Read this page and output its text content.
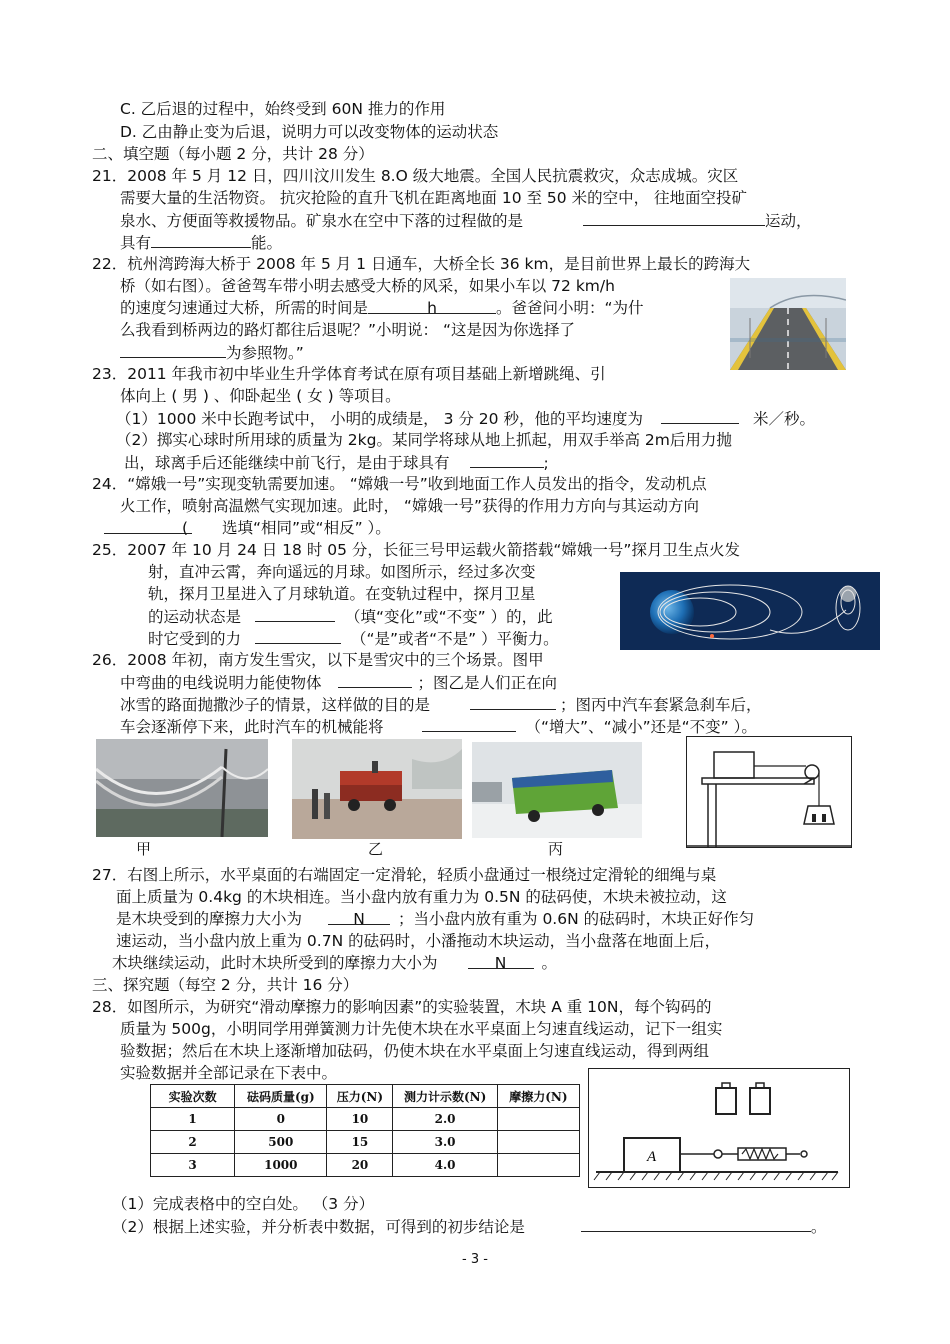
C. 乙后退的过程中，始终受到 60N 推力的作用
D. 乙由静止变为后退，说明力可以改变物体的运动状态
二、填空题（每小题 2 分，共计 28 分）
21．2008 年 5 月 12 日，四川汶川发生 8.O 级大地震。全国人民抗震救灾，众志成城。灾区
需要大量的生活物资。 抗灾抢险的直升飞机在距离地面 10 至 50 米的空中， 往地面空投矿
泉水、方便面等救援物品。矿泉水在空中下落的过程做的是	运动，
具有	能。
22．杭州湾跨海大桥于 2008 年 5 月 1 日通车，大桥全长 36 km，是目前世界上最长的跨海大
桥（如右图）。爸爸驾车带小明去感受大桥的风采，如果小车以 72 km/h
的速度匀速通过大桥，所需的时间是	h	。爸爸问小明：“为什
么我看到桥两边的路灯都往后退呢？”小明说： “这是因为你选择了
为参照物。”
23．2011 年我市初中毕业生升学体育考试在原有项目基础上新增跳绳、引
体向上 ( 男 ) 、仰卧起坐 ( 女 ) 等项目。
（1）1000 米中长跑考试中， 小明的成绩是， 3 分 20 秒，他的平均速度为	米／秒。
（2）掷实心球时所用球的质量为 2kg。某同学将球从地上抓起，用双手举高 2m后用力抛
出，球离手后还能继续中前飞行，是由于球具有	;
24．“嫦娥一号”实现变轨需要加速。 “嫦娥一号”收到地面工作人员发出的指令，发动机点
火工作，喷射高温燃气实现加速。此时， “嫦娥一号”获得的作用力方向与其运动方向
( 选填“相同”或“相反” ）。
25．2007 年 10 月 24 日 18 时 05 分，长征三号甲运载火箭搭载“嫦娥一号”探月卫生点火发
射，直冲云霄，奔向遥远的月球。如图所示，经过多次变
轨，探月卫星进入了月球轨道。在变轨过程中，探月卫星
的运动状态是	（填“变化”或“不变” ）的，此
时它受到的力	（“是”或者“不是” ）平衡力。
26．2008 年初，南方发生雪灾，以下是雪灾中的三个场景。图甲
中弯曲的电线说明力能使物体	；图乙是人们正在向
冰雪的路面抛撒沙子的情景，这样做的目的是	；图丙中汽车套紧急刹车后，
车会逐渐停下来，此时汽车的机械能将	（“增大”、“减小”还是“不变” ）。
甲	乙	丙
27．右图上所示，水平桌面的右端固定一定滑轮，轻质小盘通过一根绕过定滑轮的细绳与桌
面上质量为 0.4kg 的木块相连。当小盘内放有重力为 0.5N 的砝码使，木块未被拉动，这
是木块受到的摩擦力大小为	N ；当小盘内放有重为 0.6N 的砝码时，木块正好作匀
速运动，当小盘内放上重为 0.7N 的砝码时，小潘拖动木块运动，当小盘落在地面上后，
木块继续运动，此时木块所受到的摩擦力大小为	N 。
三、探究题（每空 2 分，共计 16 分）
28．如图所示，为研究“滑动摩擦力的影响因素”的实验装置，木块 A 重 10N，每个钩码的
质量为 500g，小明同学用弹簧测力计先使木块在水平桌面上匀速直线运动，记下一组实
验数据；然后在木块上逐渐增加砝码，仍使木块在水平桌面上匀速直线运动，得到两组
实验数据并全部记录在下表中。
实验次数	砝码质量(g)	压力(N)	测力计示数(N)	摩擦力(N)
1	0	10	2.0	
2	500	15	3.0	
3	1000	20	4.0		A
（1）完成表格中的空白处。 （3 分）
（2）根据上述实验，并分析表中数据，可得到的初步结论是	。
- 3 -
